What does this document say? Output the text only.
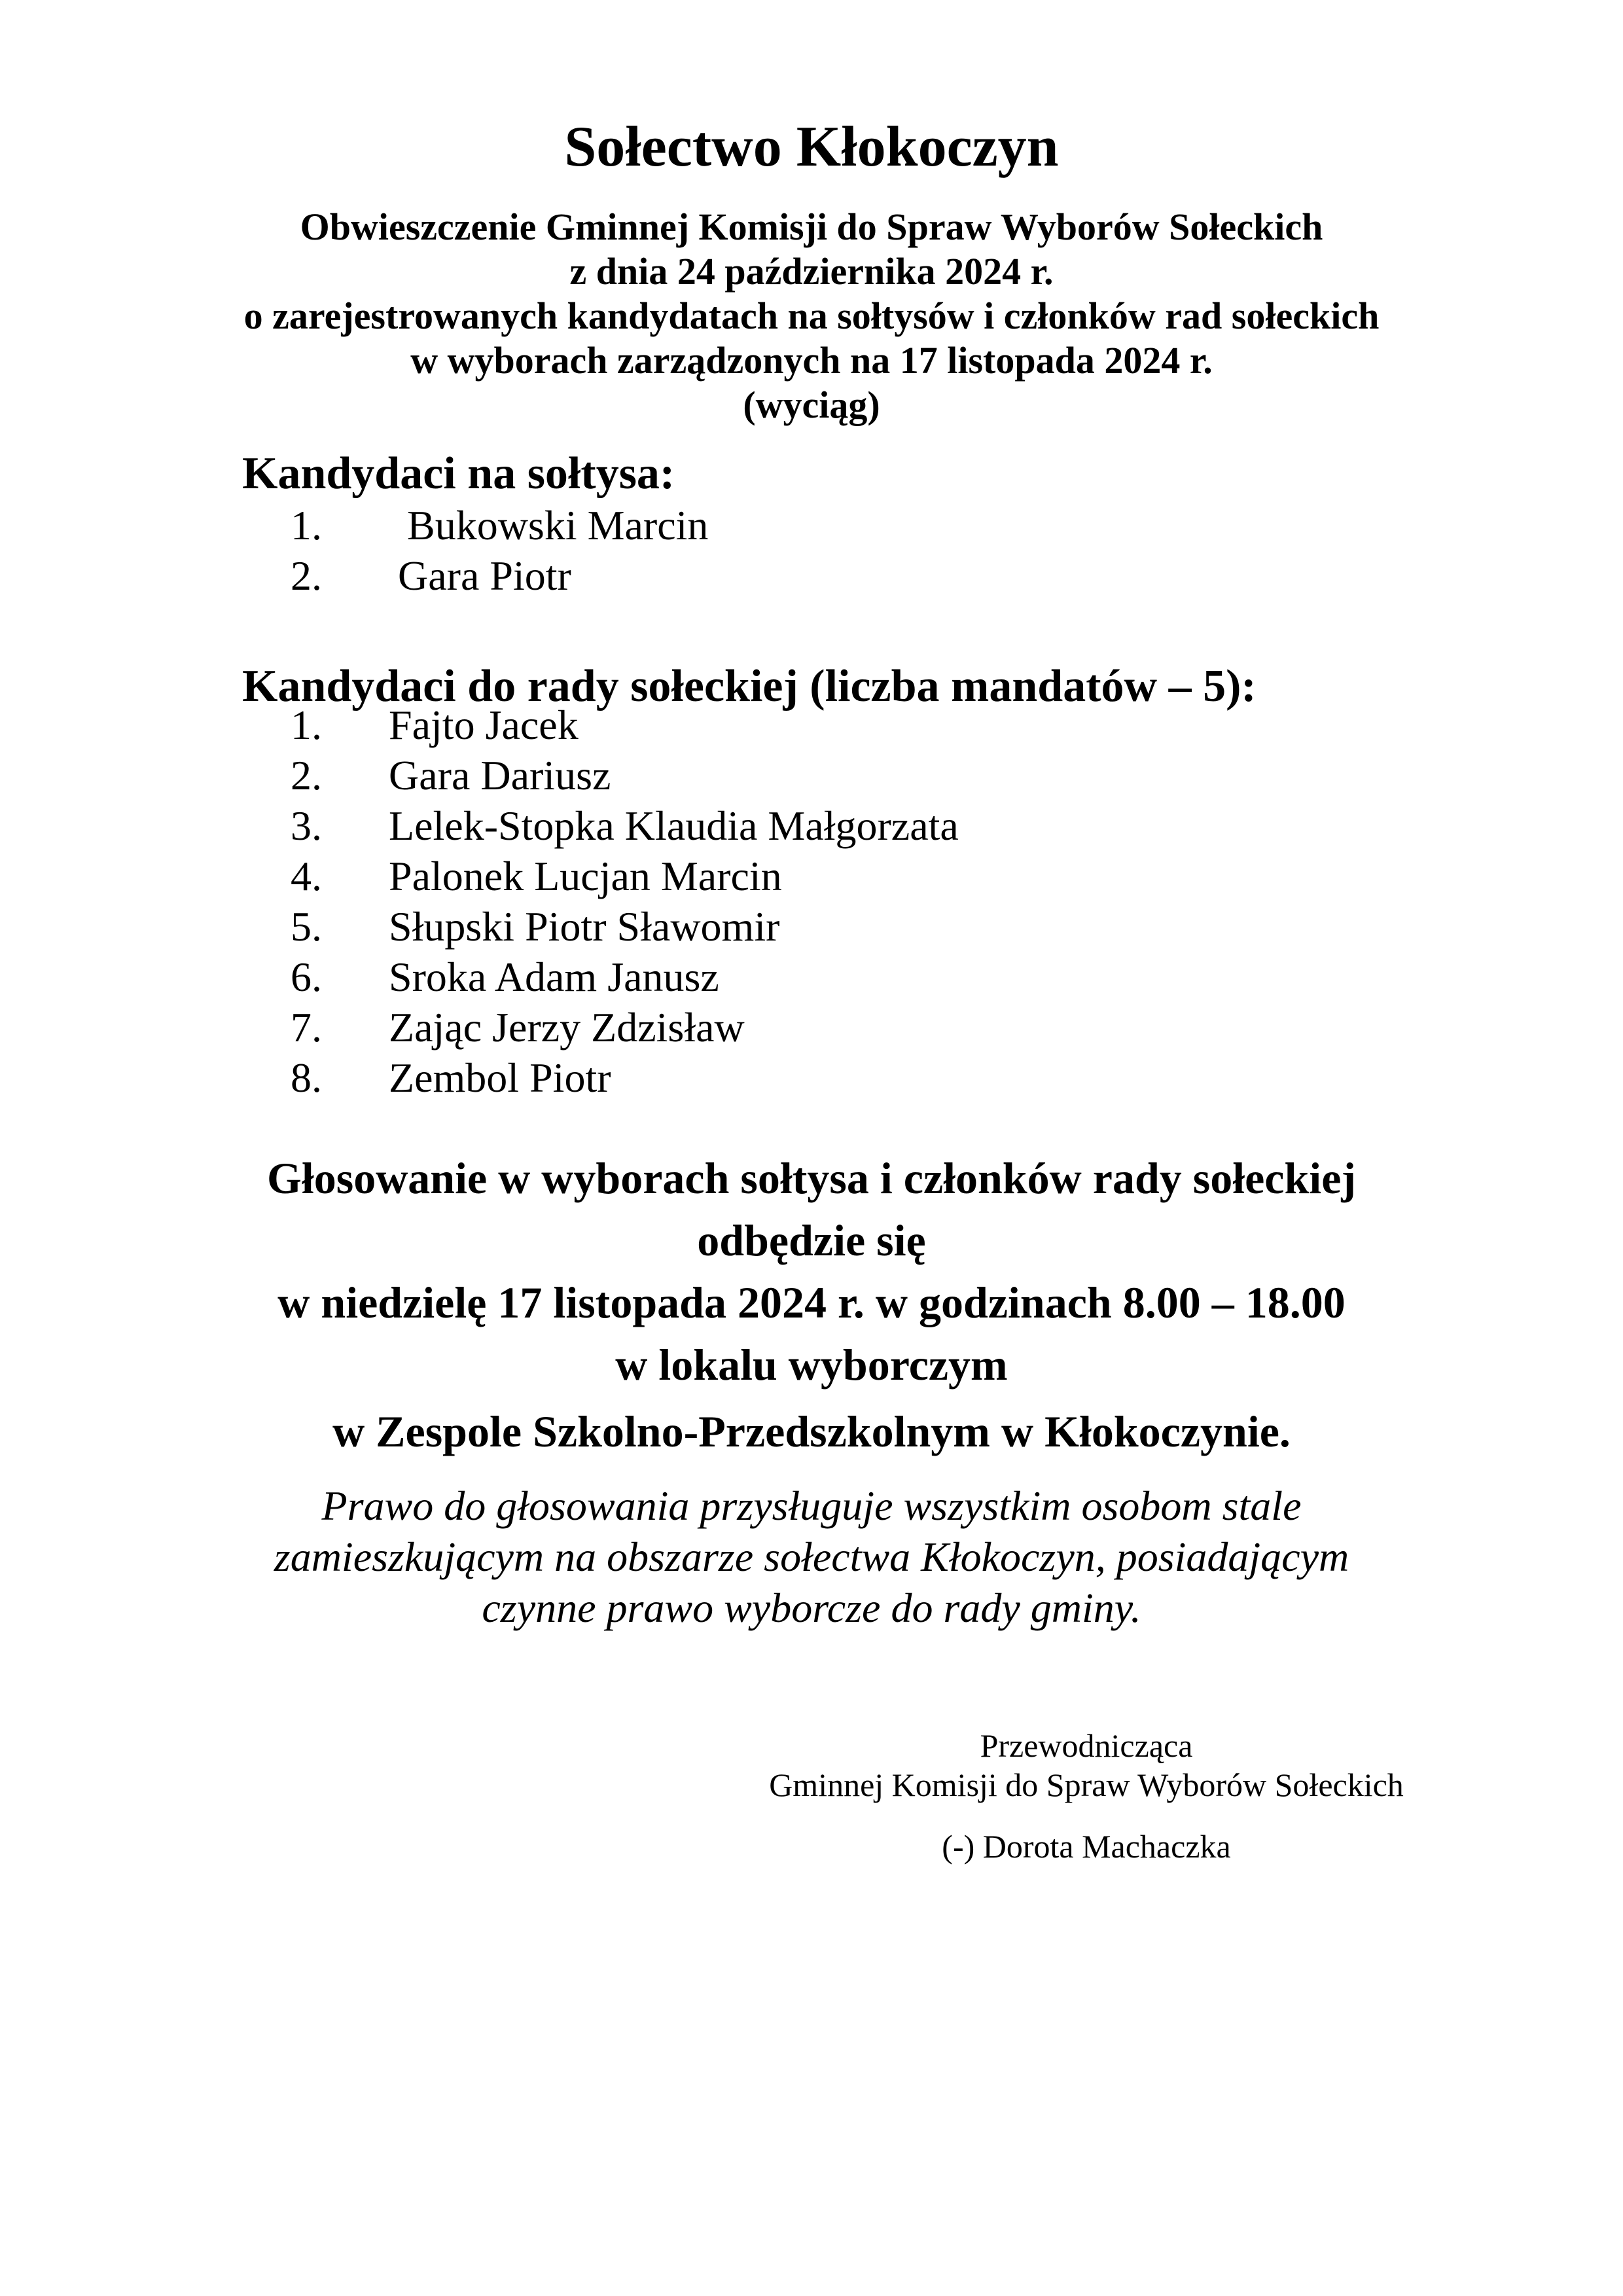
Sołectwo Kłokoczyn
Obwieszczenie Gminnej Komisji do Spraw Wyborów Sołeckich
z dnia 24 października 2024 r.
o zarejestrowanych kandydatach na sołtysów i członków rad sołeckich
w wyborach zarządzonych na 17 listopada 2024 r.
(wyciąg)
Kandydaci na sołtysa:
1. Bukowski Marcin
2. Gara Piotr
Kandydaci do rady sołeckiej (liczba mandatów – 5):
1. Fajto Jacek
2. Gara Dariusz
3. Lelek-Stopka Klaudia Małgorzata
4. Palonek Lucjan Marcin
5. Słupski Piotr Sławomir
6. Sroka Adam Janusz
7. Zając Jerzy Zdzisław
8. Zembol Piotr
Głosowanie w wyborach sołtysa i członków rady sołeckiej
odbędzie się
w niedzielę 17 listopada 2024 r. w godzinach 8.00 – 18.00
w lokalu wyborczym
w Zespole Szkolno-Przedszkolnym w Kłokoczynie.
Prawo do głosowania przysługuje wszystkim osobom stale
zamieszkującym na obszarze sołectwa Kłokoczyn, posiadającym
czynne prawo wyborcze do rady gminy.
Przewodnicząca
Gminnej Komisji do Spraw Wyborów Sołeckich
(-) Dorota Machaczka
